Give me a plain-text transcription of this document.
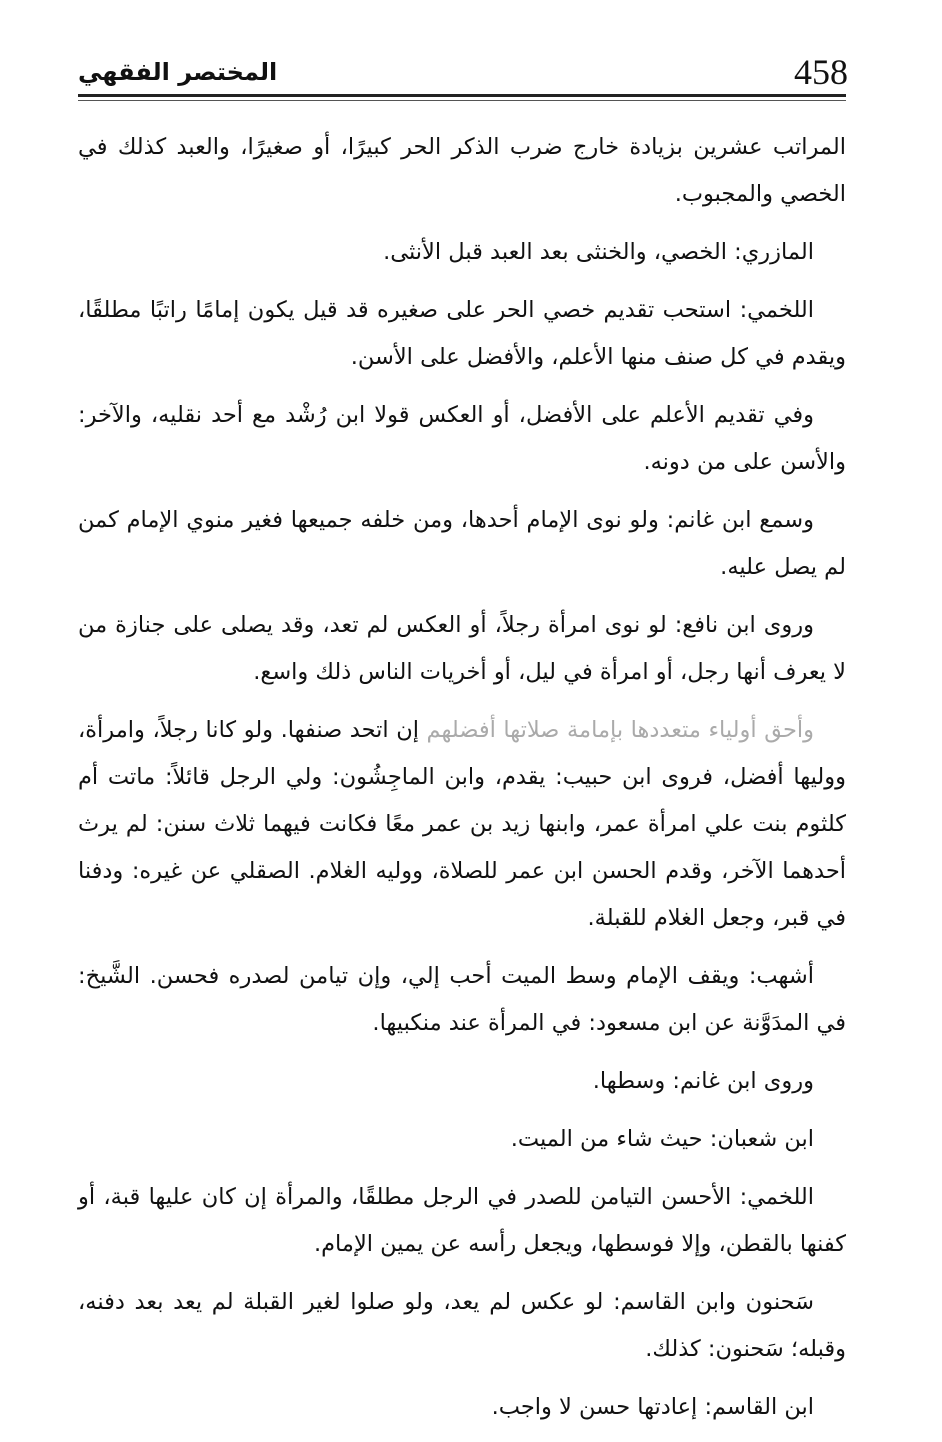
المختصر الفقهي	458

المراتب عشرين بزيادة خارج ضرب الذكر الحر كبيرًا، أو صغيرًا، والعبد كذلك في الخصي والمجبوب.

المازري: الخصي، والخنثى بعد العبد قبل الأنثى.

اللخمي: استحب تقديم خصي الحر على صغيره قد قيل يكون إمامًا راتبًا مطلقًا، ويقدم في كل صنف منها الأعلم، والأفضل على الأسن.

وفي تقديم الأعلم على الأفضل، أو العكس قولا ابن رُشْد مع أحد نقليه، والآخر: والأسن على من دونه.

وسمع ابن غانم: ولو نوى الإمام أحدها، ومن خلفه جميعها فغير منوي الإمام كمن لم يصل عليه.

وروى ابن نافع: لو نوى امرأة رجلاً، أو العكس لم تعد، وقد يصلى على جنازة من لا يعرف أنها رجل، أو امرأة في ليل، أو أخريات الناس ذلك واسع.

وأحق أولياء متعددها بإمامة صلاتها أفضلهم إن اتحد صنفها. ولو كانا رجلاً، وامرأة، ووليها أفضل، فروى ابن حبيب: يقدم، وابن الماجِشُون: ولي الرجل قائلاً: ماتت أم كلثوم بنت علي امرأة عمر، وابنها زيد بن عمر معًا فكانت فيهما ثلاث سنن: لم يرث أحدهما الآخر، وقدم الحسن ابن عمر للصلاة، ووليه الغلام. الصقلي عن غيره: ودفنا في قبر، وجعل الغلام للقبلة.

أشهب: ويقف الإمام وسط الميت أحب إلي، وإن تيامن لصدره فحسن. الشَّيخ: في المدَوَّنة عن ابن مسعود: في المرأة عند منكبيها.

وروى ابن غانم: وسطها.

ابن شعبان: حيث شاء من الميت.

اللخمي: الأحسن التيامن للصدر في الرجل مطلقًا، والمرأة إن كان عليها قبة، أو كفنها بالقطن، وإلا فوسطها، ويجعل رأسه عن يمين الإمام.

سَحنون وابن القاسم: لو عكس لم يعد، ولو صلوا لغير القبلة لم يعد بعد دفنه، وقبله؛ سَحنون: كذلك.

ابن القاسم: إعادتها حسن لا واجب.
